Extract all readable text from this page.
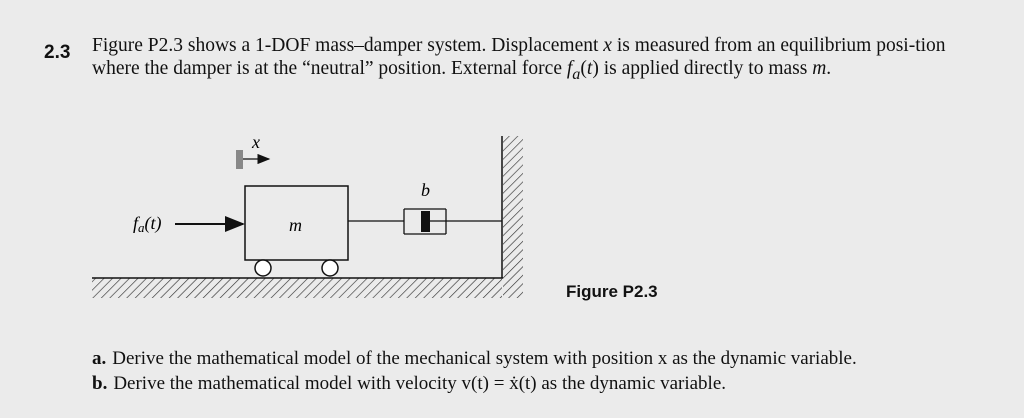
2.3 Figure P2.3 shows a 1-DOF mass–damper system. Displacement x is measured from an equilibrium posi-tion where the damper is at the “neutral” position. External force $f_a(t)$ is applied directly to mass m.
x
m
b
fa(t)
Figure P2.3
a. Derive the mathematical model of the mechanical system with position x as the dynamic variable.
b. Derive the mathematical model with velocity v(t) = ẋ(t) as the dynamic variable.
